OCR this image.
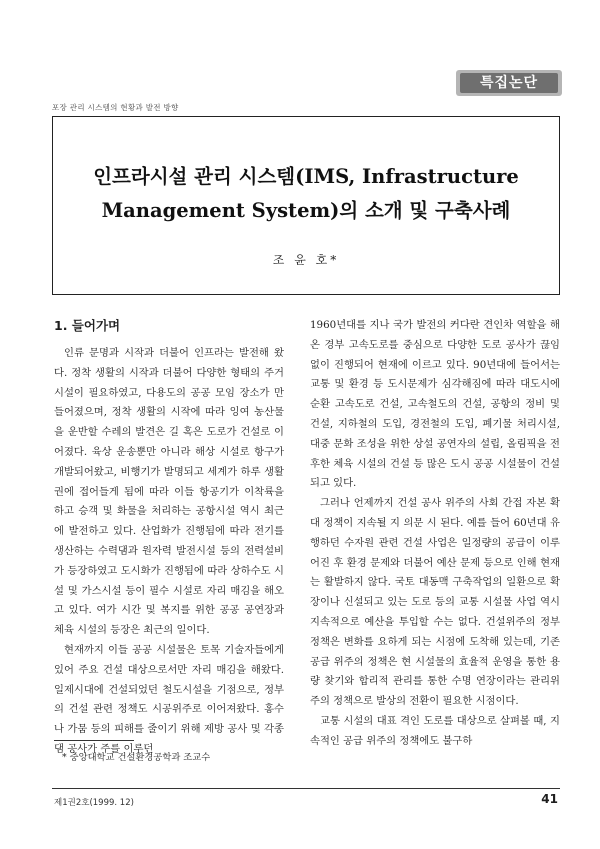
포장 관리 시스템의 현황과 발전 방향
특집논단
인프라시설 관리 시스템(IMS, Infrastructure
Management System)의 소개 및 구축사례
조 윤 호*
1. 들어가며

인류 문명과 시작과 더불어 인프라는 발전해 왔다. 정착 생활의 시작과 더불어 다양한 형태의 주거시설이 필요하였고, 다용도의 공공 모임 장소가 만들어졌으며, 정착 생활의 시작에 따라 잉여 농산물을 운반할 수레의 발견은 길 혹은 도로가 건설로 이어졌다. 육상 운송뿐만 아니라 해상 시설로 항구가 개발되어왔고, 비행기가 발명되고 세계가 하루 생활권에 접어들게 됨에 따라 이들 항공기가 이착륙을 하고 승객 및 화물을 처리하는 공항시설 역시 최근에 발전하고 있다. 산업화가 진행됨에 따라 전기를 생산하는 수력댐과 원자력 발전시설 등의 전력설비가 등장하였고 도시화가 진행됨에 따라 상하수도 시설 및 가스시설 등이 필수 시설로 자리 매김을 해오고 있다. 여가 시간 및 복지를 위한 공공 공연장과 체육 시설의 등장은 최근의 일이다.

현재까지 이들 공공 시설물은 토목 기술자들에게 있어 주요 건설 대상으로서만 자리 매김을 해왔다. 일제시대에 건설되었던 철도시설을 기점으로, 정부의 건설 관련 정책도 시공위주로 이어져왔다. 홍수나 가뭄 등의 피해를 줄이기 위해 제방 공사 및 각종 댐 공사가 주를 이루던

1960년대를 지나 국가 발전의 커다란 견인차 역할을 해온 경부 고속도로를 중심으로 다양한 도로 공사가 끊임없이 진행되어 현재에 이르고 있다. 90년대에 들어서는 교통 및 환경 등 도시문제가 심각해짐에 따라 대도시에 순환 고속도로 건설, 고속철도의 건설, 공항의 정비 및 건설, 지하철의 도입, 경전철의 도입, 폐기물 처리시설, 대중 문화 조성을 위한 상설 공연자의 설립, 올림픽을 전후한 체육 시설의 건설 등 많은 도시 공공 시설물이 건설되고 있다.

그러나 언제까지 건설 공사 위주의 사회 간접 자본 확대 정책이 지속될 지 의문 시 된다. 예를 들어 60년대 유행하던 수자원 관련 건설 사업은 일정량의 공급이 이루어진 후 환경 문제와 더불어 예산 문제 등으로 인해 현재는 활발하지 않다. 국토 대동맥 구축작업의 일환으로 확장이나 신설되고 있는 도로 등의 교통 시설물 사업 역시 지속적으로 예산을 투입할 수는 없다. 건설위주의 정부 정책은 변화를 요하게 되는 시점에 도착해 있는데, 기존 공급 위주의 정책은 현 시설물의 효율적 운영을 통한 용량 찾기와 합리적 관리를 통한 수명 연장이라는 관리위주의 정책으로 발상의 전환이 필요한 시점이다.

교통 시설의 대표 격인 도로를 대상으로 살펴볼 때, 지속적인 공급 위주의 정책에도 불구하

* 중앙대학교 건설환경공학과 조교수
제1권2호(1999. 12)	41
